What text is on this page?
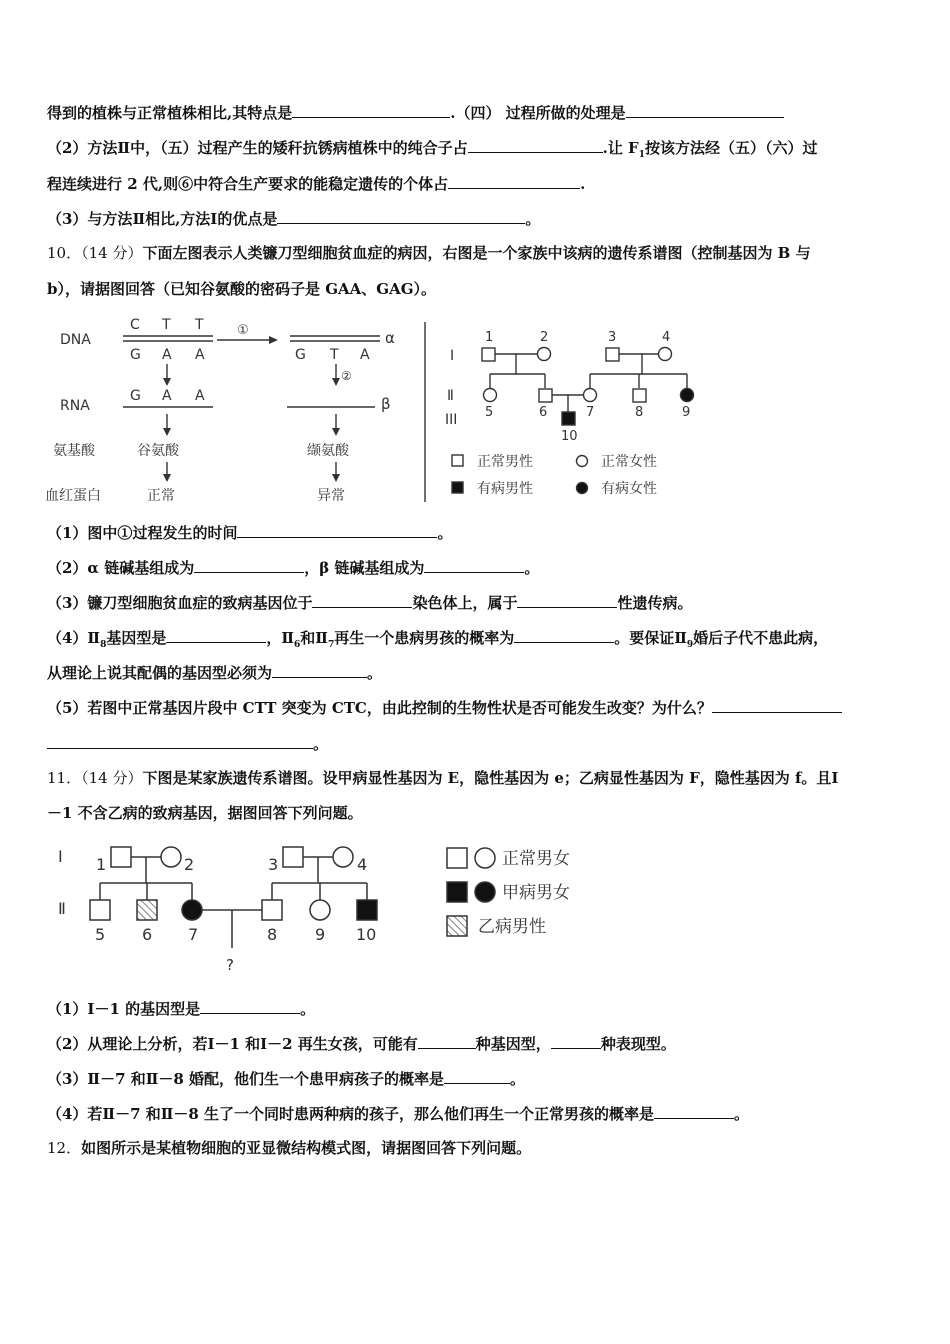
得到的植株与正常植株相比,其特点是	.（四） 过程所做的处理是
（2）方法Ⅱ中，（五）过程产生的矮秆抗锈病植株中的纯合子占	.让 $F_1$按该方法经（五）（六）过
程连续进行 2 代,则⑥中符合生产要求的能稳定遗传的个体占	.
（3）与方法Ⅱ相比,方法Ⅰ的优点是	。
10．（14 分）下面左图表示人类镰刀型细胞贫血症的病因，右图是一个家族中该病的遗传系谱图（控制基因为 B 与
b），请据图回答（已知谷氨酸的密码子是 GAA、GAG）。
DNA
C T T
G A A
①
G T A
α
②
RNA
G A A	β
氨基酸	谷氨酸	缬氨酸
血红蛋白	正常	异常
Ⅰ
Ⅱ
III
1	2	3	4
5	6	7	8	9
10
正常男性	正常女性
有病男性	有病女性
（1）图中①过程发生的时间	。
（2）α 链碱基组成为	，β 链碱基组成为	。
（3）镰刀型细胞贫血症的致病基因位于	染色体上，属于	性遗传病。
$(4)Ⅱ_8$基因型是	，$Ⅱ_6$和$Ⅱ_7$再生一个患病男孩的概率为	。要保证$Ⅱ_9$婚后子代不患此病，
从理论上说其配偶的基因型必须为	。
（5）若图中正常基因片段中 CTT 突变为 CTC，由此控制的生物性状是否可能发生改变？为什么？
。
11．（14 分）下图是某家族遗传系谱图。设甲病显性基因为 E，隐性基因为 e；乙病显性基因为 F，隐性基因为 f。且Ⅰ
－1 不含乙病的致病基因，据图回答下列问题。
Ⅰ
Ⅱ
1	2	3	4
?
5 6 7	8 9 10
正常男女
甲病男女
乙病男性
（1）Ⅰ－1 的基因型是	。
（2）从理论上分析，若Ⅰ－1 和Ⅰ－2 再生女孩，可能有	种基因型，	种表现型。
（3）Ⅱ－7 和Ⅱ－8 婚配，他们生一个患甲病孩子的概率是	。
（4）若Ⅱ－7 和Ⅱ－8 生了一个同时患两种病的孩子，那么他们再生一个正常男孩的概率是	。
12．如图所示是某植物细胞的亚显微结构模式图，请据图回答下列问题。
